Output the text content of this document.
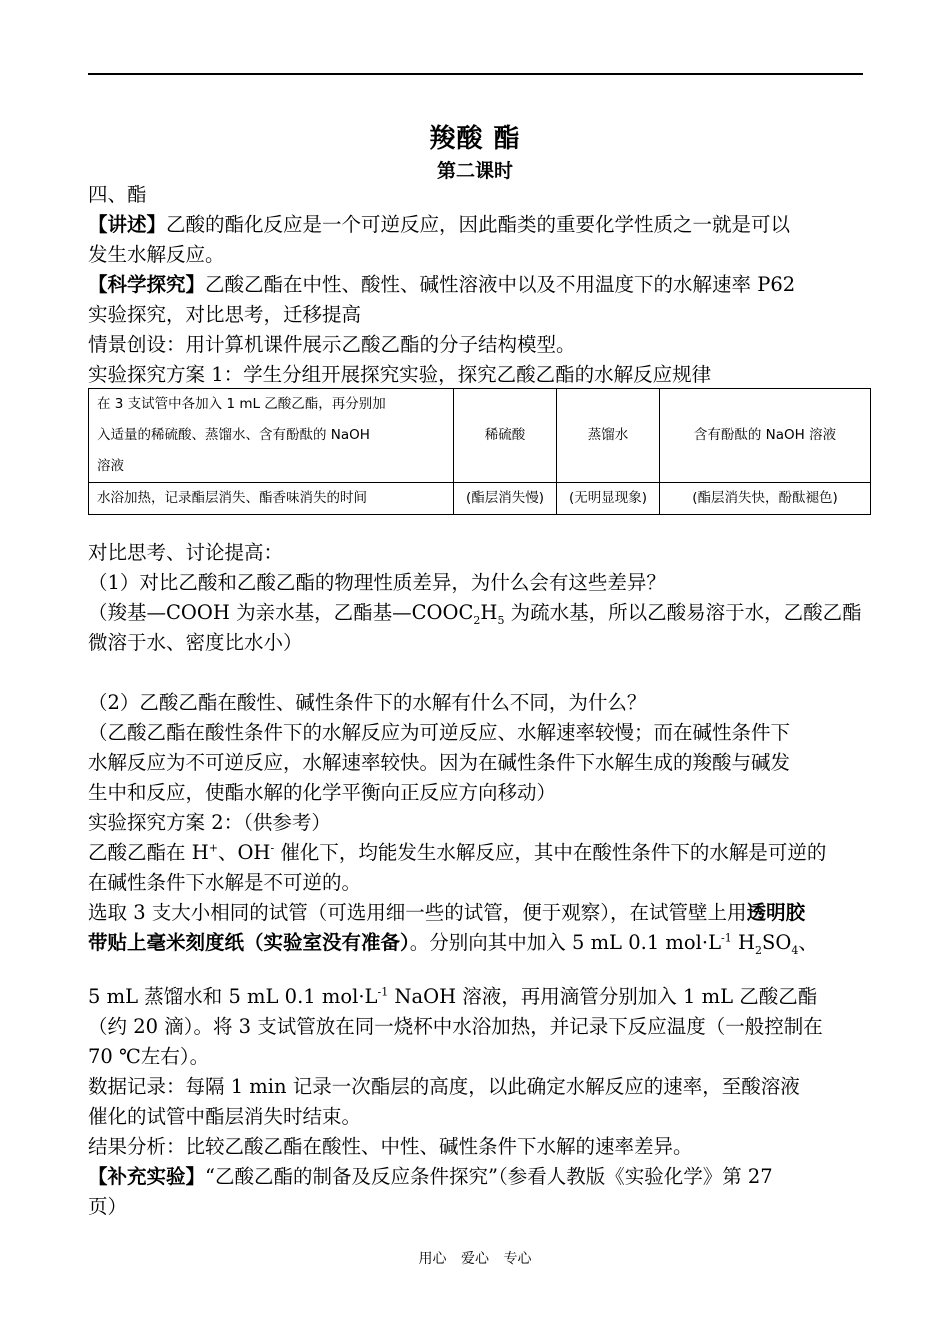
羧酸 酯
第二课时
四、酯
【讲述】乙酸的酯化反应是一个可逆反应，因此酯类的重要化学性质之一就是可以
发生水解反应。
【科学探究】乙酸乙酯在中性、酸性、碱性溶液中以及不用温度下的水解速率 P62
实验探究，对比思考，迁移提高
情景创设：用计算机课件展示乙酸乙酯的分子结构模型。
实验探究方案 1：学生分组开展探究实验，探究乙酸乙酯的水解反应规律
在 3 支试管中各加入 1 mL 乙酸乙酯，再分别加
入适量的稀硫酸、蒸馏水、含有酚酞的 NaOH
溶液	稀硫酸	蒸馏水	含有酚酞的 NaOH 溶液
水浴加热，记录酯层消失、酯香味消失的时间	(酯层消失慢)	(无明显现象)	(酯层消失快，酚酞褪色)
对比思考、讨论提高：
（1）对比乙酸和乙酸乙酯的物理性质差异，为什么会有这些差异？
（羧基—COOH 为亲水基，乙酯基$—COOC_2H_5$ 为疏水基，所以乙酸易溶于水，乙酸乙酯
微溶于水、密度比水小）
（2）乙酸乙酯在酸性、碱性条件下的水解有什么不同，为什么？
（乙酸乙酯在酸性条件下的水解反应为可逆反应、水解速率较慢；而在碱性条件下
水解反应为不可逆反应，水解速率较快。因为在碱性条件下水解生成的羧酸与碱发
生中和反应，使酯水解的化学平衡向正反应方向移动）
实验探究方案 2：（供参考）
乙酸乙酯在 H+、OH- 催化下，均能发生水解反应，其中在酸性条件下的水解是可逆的
在碱性条件下水解是不可逆的。
选取 3 支大小相同的试管（可选用细一些的试管，便于观察），在试管壁上用透明胶
带贴上毫米刻度纸（实验室没有准备）。分别向其中加入 5 mL 0.1 $mol\cdot L^{-1}$ $H_2SO_4$、
5 mL 蒸馏水和 5 mL 0.1 $mol\cdot L^{-1}$ NaOH 溶液，再用滴管分别加入 1 mL 乙酸乙酯
（约 20 滴）。将 3 支试管放在同一烧杯中水浴加热，并记录下反应温度（一般控制在
70 ℃左右）。
数据记录：每隔 1 min 记录一次酯层的高度，以此确定水解反应的速率，至酸溶液
催化的试管中酯层消失时结束。
结果分析：比较乙酸乙酯在酸性、中性、碱性条件下水解的速率差异。
【补充实验】“乙酸乙酯的制备及反应条件探究”（参看人教版《实验化学》第 27
页）
用心 爱心 专心
